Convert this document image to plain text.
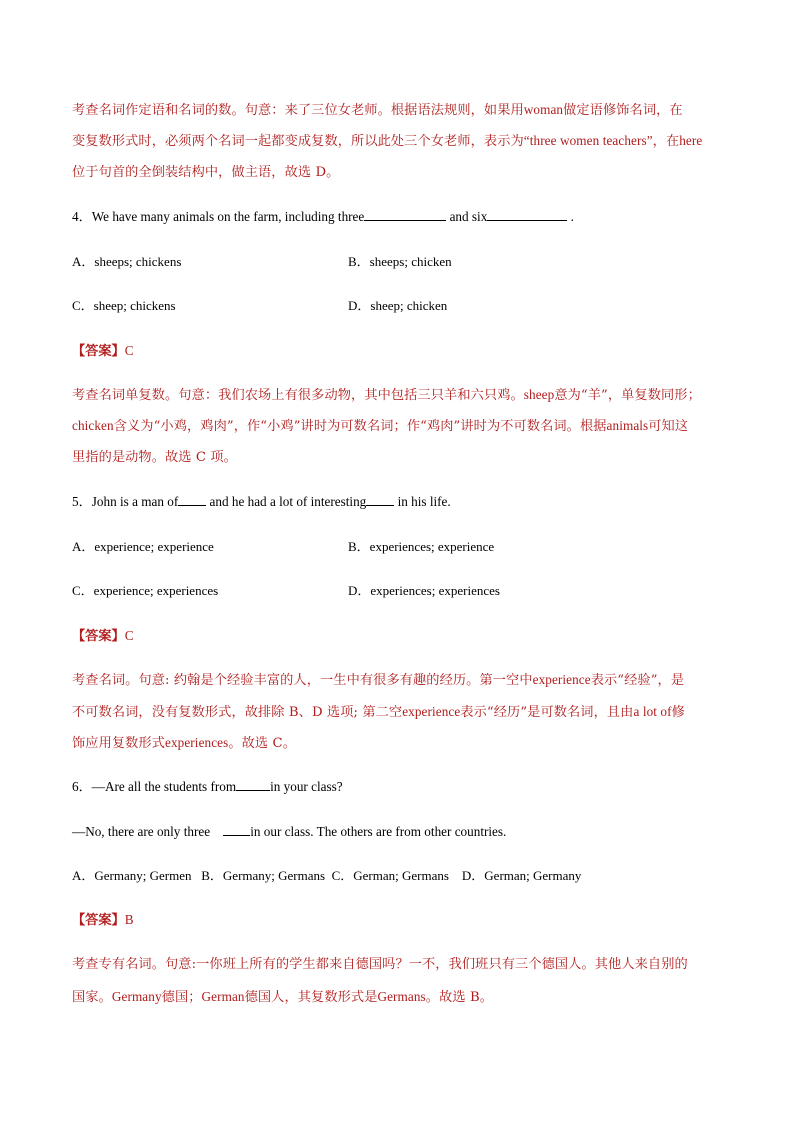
考查名词作定语和名词的数。句意：来了三位女老师。根据语法规则，如果用woman做定语修饰名词，在
变复数形式时，必须两个名词一起都变成复数，所以此处三个女老师，表示为“three women teachers”，在here
位于句首的全倒装结构中，做主语，故选 D。
4．We have many animals on the farm, including three	and six	.
A．sheeps; chickens	B．sheeps; chicken
C．sheep; chickens	D．sheep; chicken
【答案】C
考查名词单复数。句意：我们农场上有很多动物，其中包括三只羊和六只鸡。sheep意为“羊”，单复数同形；
chicken含义为“小鸡，鸡肉”，作“小鸡”讲时为可数名词；作“鸡肉”讲时为不可数名词。根据animals可知这
里指的是动物。故选 C 项。
5．John is a man of and he had a lot of interesting in his life.
A．experience; experience	B．experiences; experience
C．experience; experiences	D．experiences; experiences
【答案】C
考查名词。句意: 约翰是个经验丰富的人，一生中有很多有趣的经历。第一空中experience表示“经验”，是
不可数名词，没有复数形式，故排除 B、D 选项; 第二空experience表示“经历”是可数名词，且由a lot of修
饰应用复数形式experiences。故选 C。
6．—Are all the students from	in your class?
—No, there are only three	in our class. The others are from other countries.
A．Germany; Germen   B．Germany; Germans  C．German; Germans    D．German; Germany
【答案】B
考查专有名词。句意:一你班上所有的学生都来自德国吗？一不，我们班只有三个德国人。其他人来自别的
国家。Germany德国；German德国人，其复数形式是Germans。故选 B。
